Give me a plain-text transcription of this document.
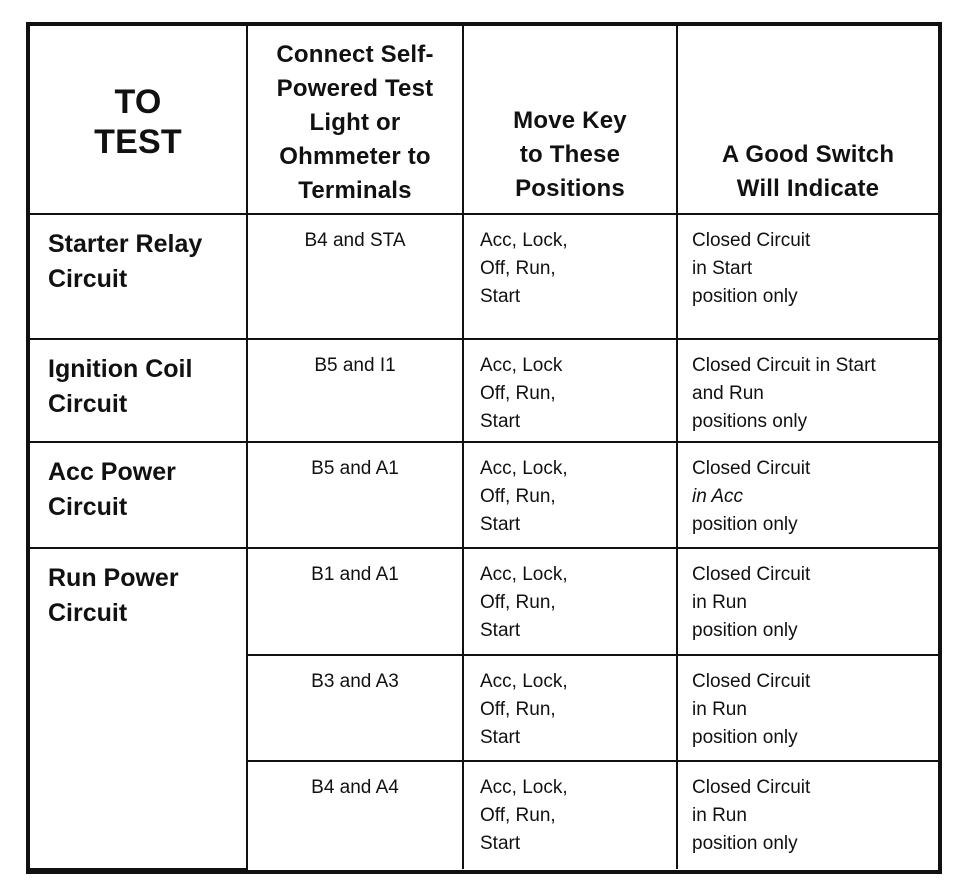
TO
TEST	Connect Self-
Powered Test
Light or
Ohmmeter to
Terminals	Move Key
to These
Positions	A Good Switch
Will Indicate

Starter Relay
Circuit	B4 and STA	Acc, Lock,
Off, Run,
Start	Closed Circuit
in Start
position only

Ignition Coil
Circuit	B5 and I1	Acc, Lock
Off, Run,
Start	Closed Circuit in Start
and Run
positions only

Acc Power
Circuit	B5 and A1	Acc, Lock,
Off, Run,
Start	Closed Circuit
in Acc
position only

Run Power
Circuit	B1 and A1	Acc, Lock,
Off, Run,
Start	Closed Circuit
in Run
position only

	B3 and A3	Acc, Lock,
Off, Run,
Start	Closed Circuit
in Run
position only

	B4 and A4	Acc, Lock,
Off, Run,
Start	Closed Circuit
in Run
position only
